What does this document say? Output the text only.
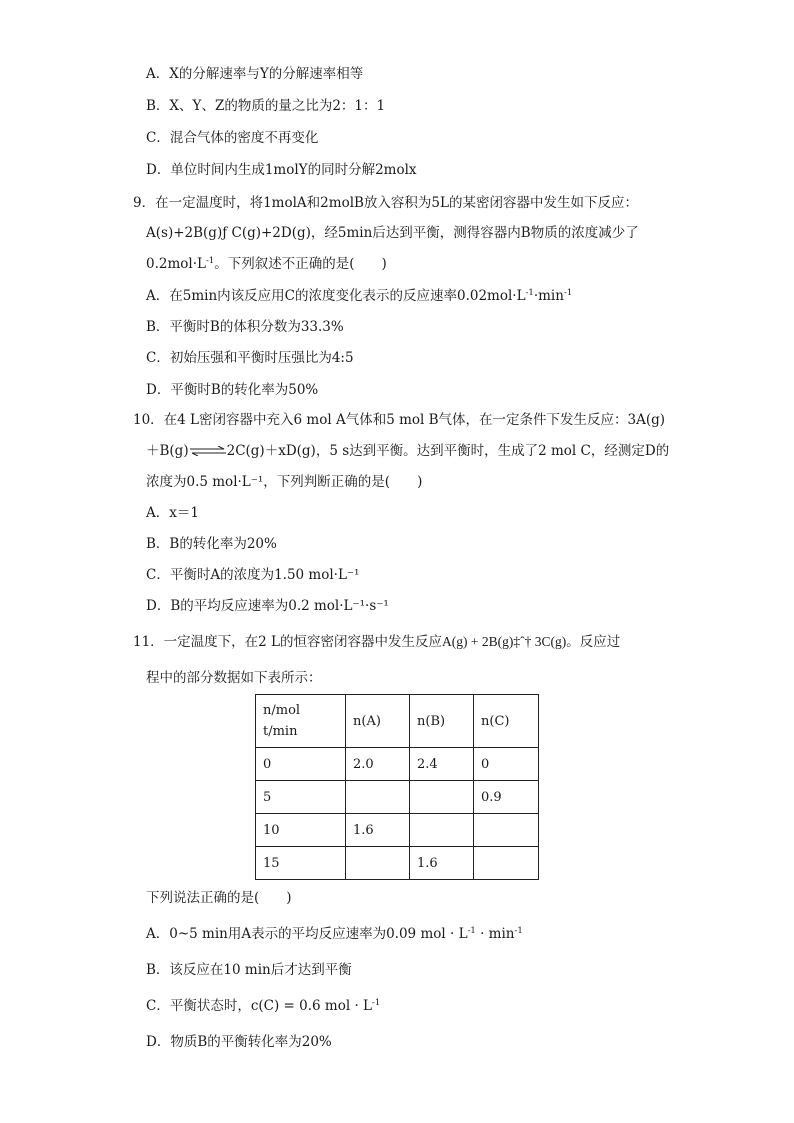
A．X的分解速率与Y的分解速率相等
B．X、Y、Z的物质的量之比为2：1：1
C．混合气体的密度不再变化
D．单位时间内生成1molY的同时分解2molx
9．在一定温度时，将1molA和2molB放入容积为5L的某密闭容器中发生如下反应：
A(s)+2B(g)ƒ C(g)+2D(g)，经5min后达到平衡，测得容器内B物质的浓度减少了
$0.2mol\cdot L^{-1}$。下列叙述不正确的是(　　)
A．在5min内该反应用C的浓度变化表示的反应速率$0.02mol\cdot L^{-1}\cdot\min^{-1}$
B．平衡时B的体积分数为33.3%
C．初始压强和平衡时压强比为4:5
D．平衡时B的转化率为50%
10．在4 L密闭容器中充入6 mol A气体和5 mol B气体，在一定条件下发生反应：3A(g)
＋B(g)⇌2C(g)＋xD(g)，5 s达到平衡。达到平衡时，生成了2 mol C，经测定D的
浓度为0.5 mol·L⁻¹，下列判断正确的是(　　)
A．x＝1
B．B的转化率为20%
C．平衡时A的浓度为1.50 mol·L⁻¹
D．B的平均反应速率为0.2 mol·L⁻¹·s⁻¹
11．一定温度下，在2 L的恒容密闭容器中发生反应A(g) + 2B(g)‡ˆ† 3C(g)。反应过
程中的部分数据如下表所示：
n/mol
t/min	n(A)	n(B)	n(C)
0	2.0	2.4	0
5			0.9
10	1.6		
15		1.6	
下列说法正确的是(　　)
A．0~5 min用A表示的平均反应速率为0.09 mol · $L^{-1} \cdot \min^{-1}$
B．该反应在10 min后才达到平衡
C．平衡状态时，c(C) = 0.6 mol · $L^{-1}$
D．物质B的平衡转化率为20%
